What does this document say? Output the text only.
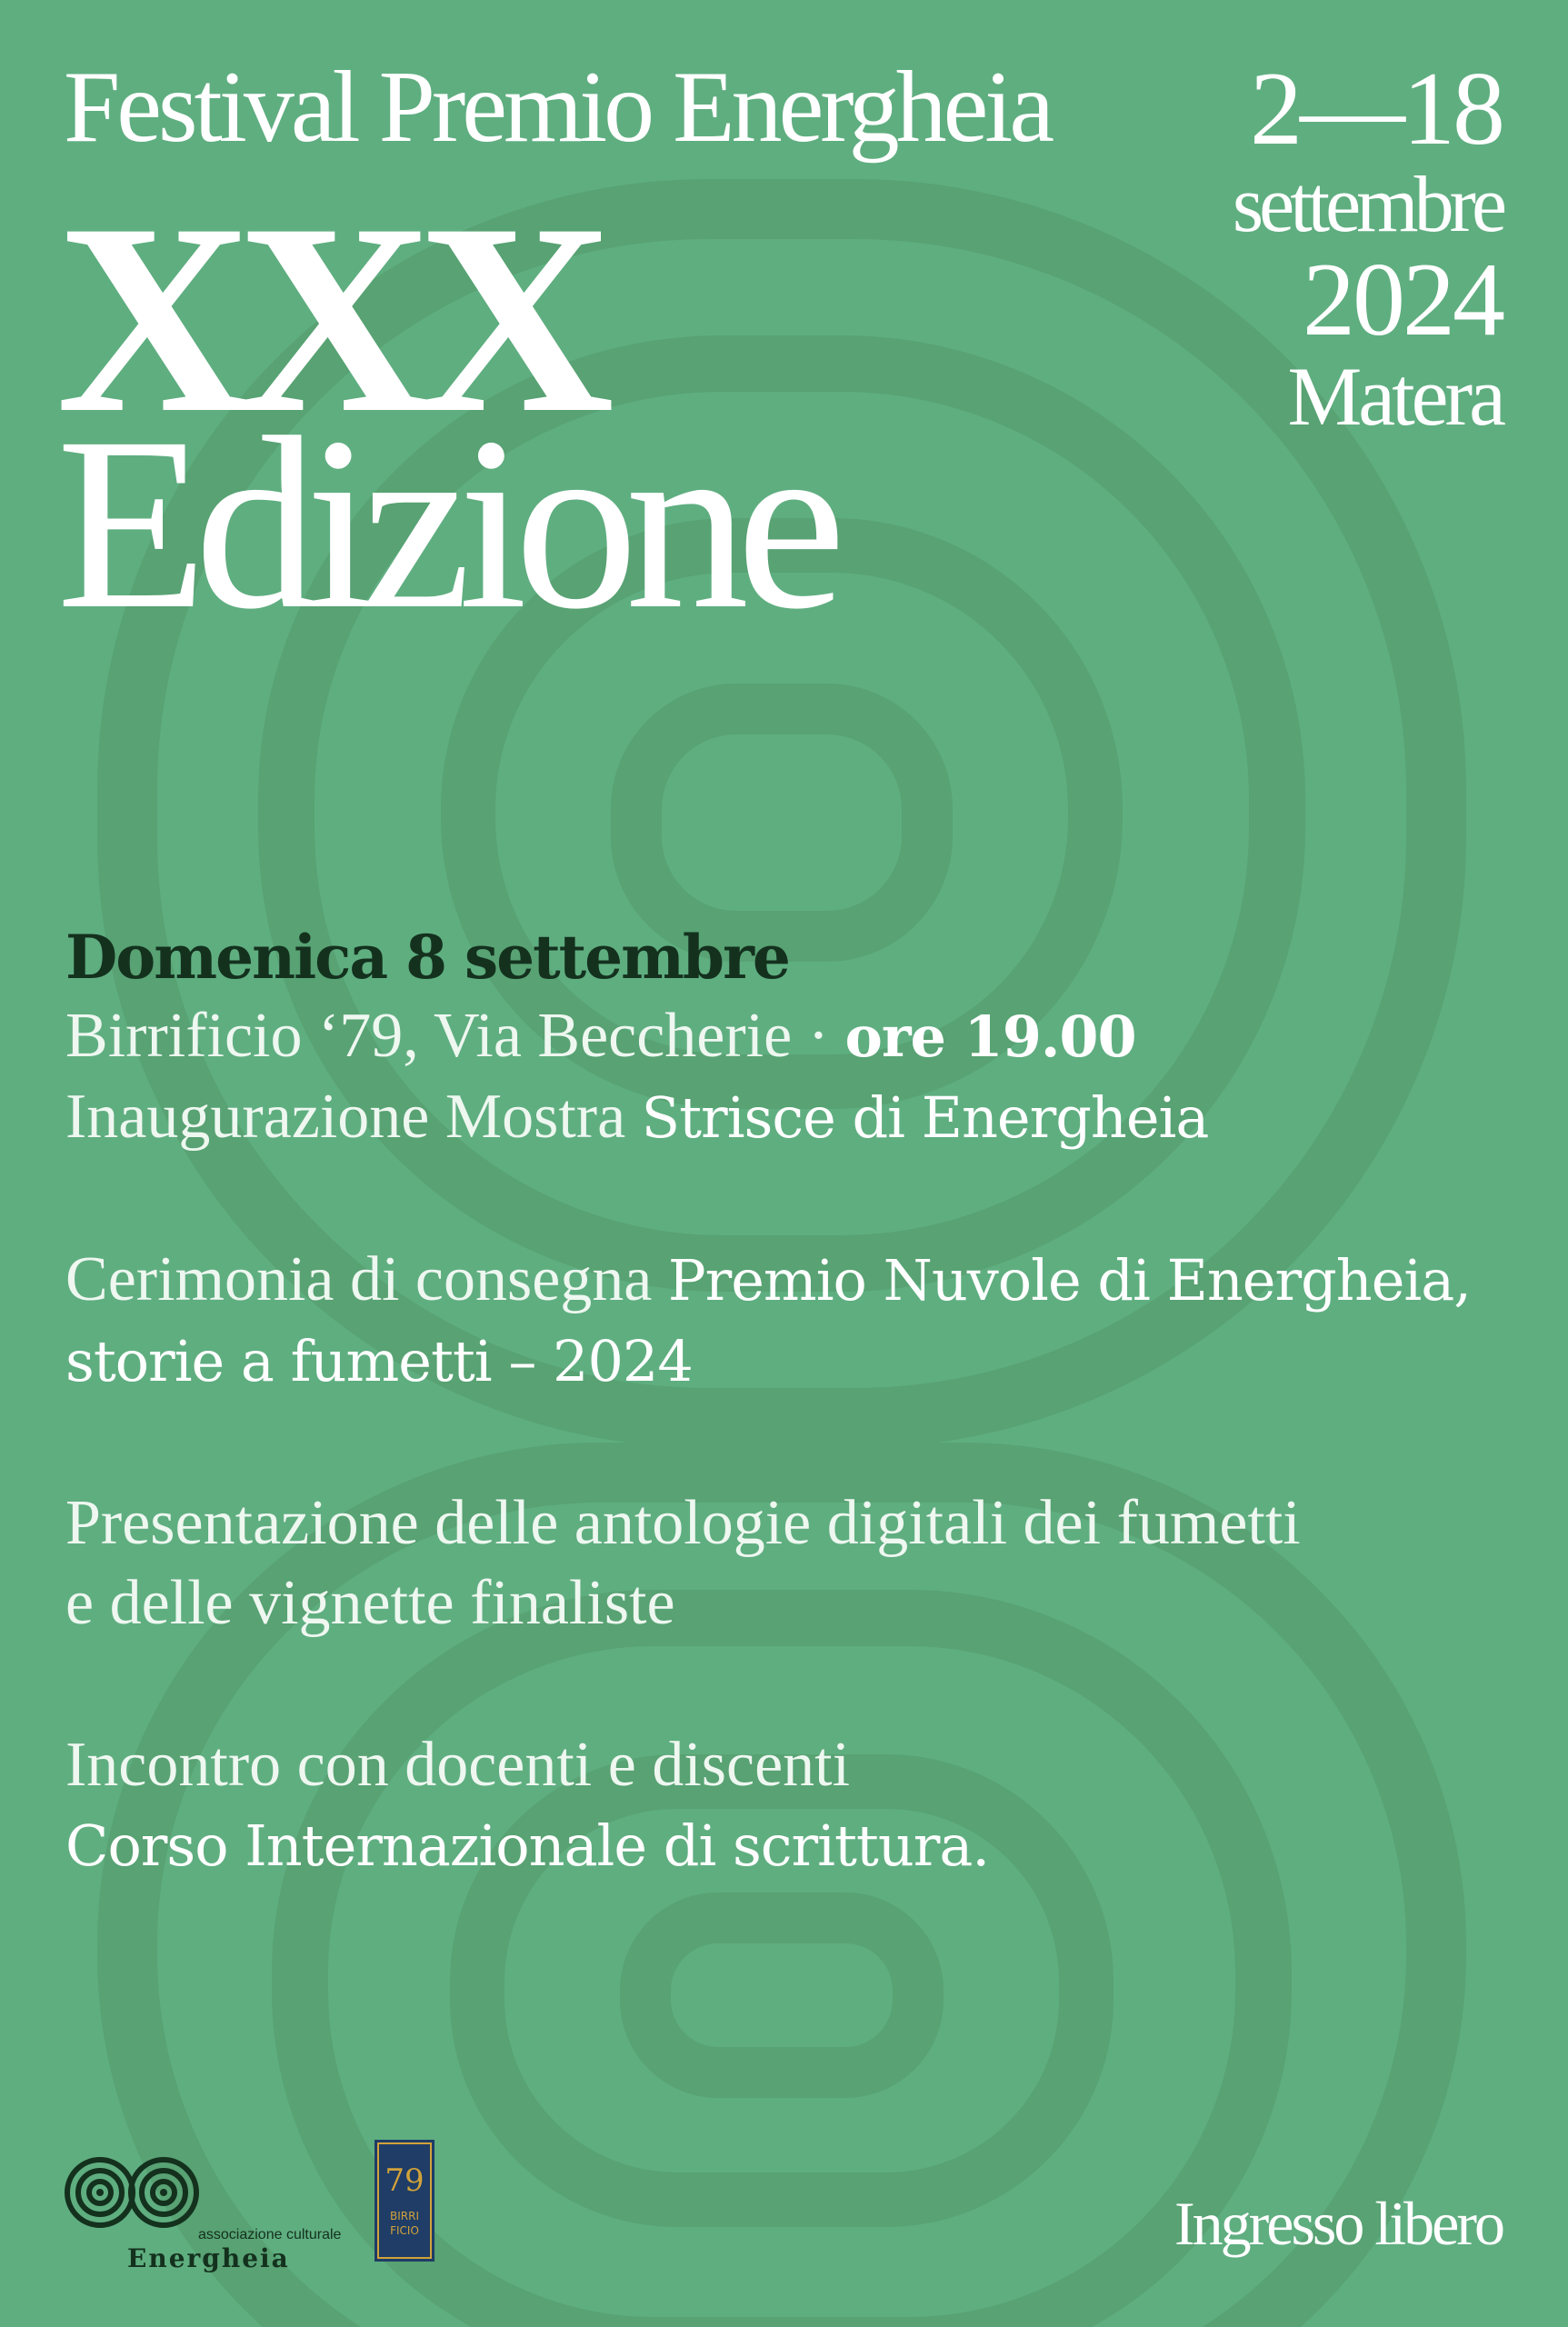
Festival Premio Energheia
XXX
Edizione
2—18
settembre
2024
Matera
Domenica 8 settembre
Birrificio ‘79, Via Beccherie · ore 19.00
Inaugurazione Mostra Strisce di Energheia
Cerimonia di consegna Premio Nuvole di Energheia,
storie a fumetti – 2024
Presentazione delle antologie digitali dei fumetti
e delle vignette finaliste
Incontro con docenti e discenti
Corso Internazionale di scrittura.
associazione culturale
Energheia
79
BIRRI
FICIO	Ingresso libero
